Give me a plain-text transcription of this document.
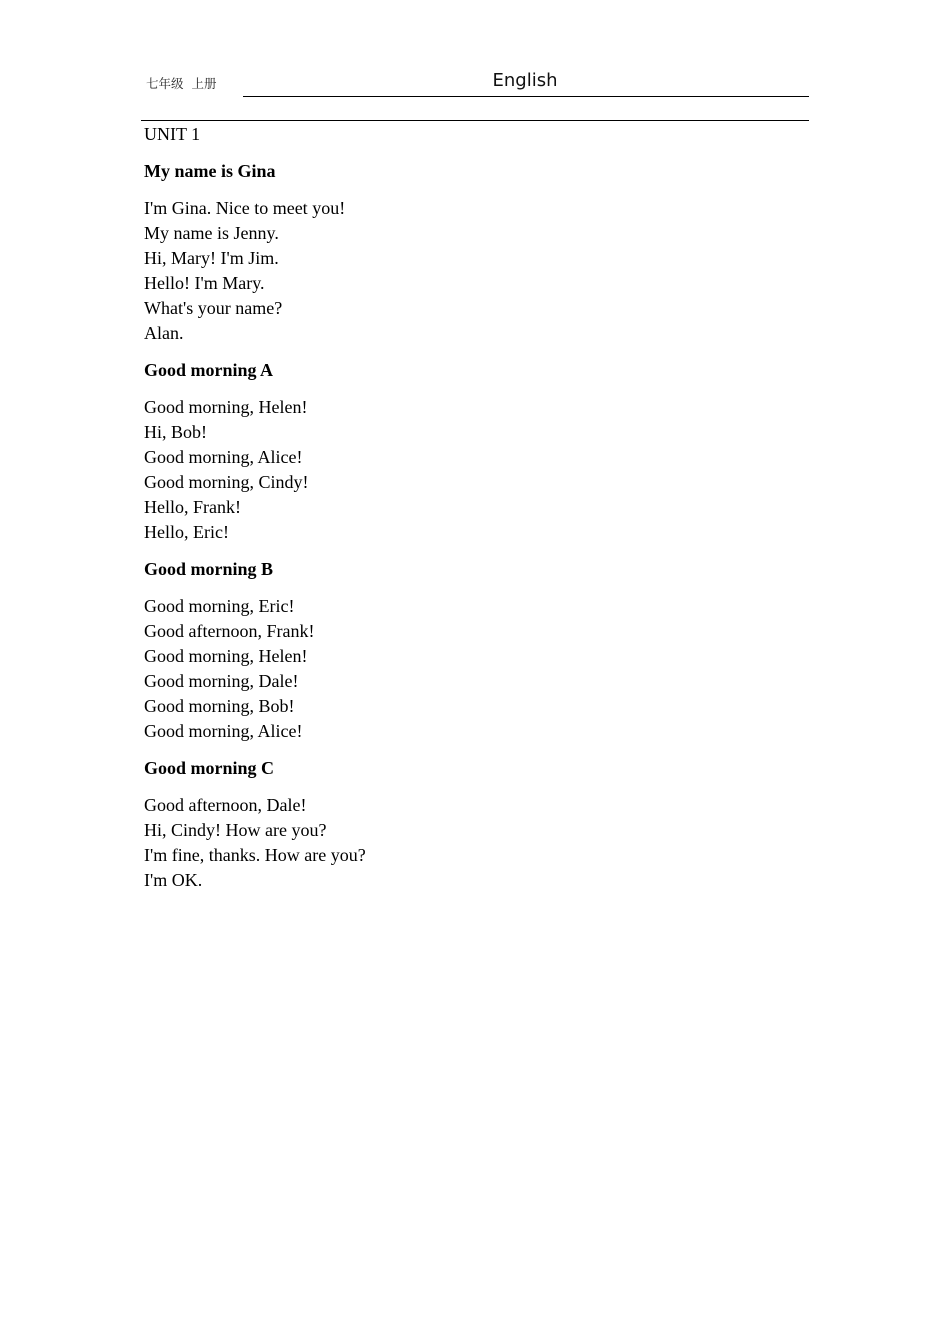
七年级  上册	English
UNIT 1
My name is Gina
I'm Gina. Nice to meet you!
My name is Jenny.
Hi, Mary! I'm Jim.
Hello! I'm Mary.
What's your name?
Alan.
Good morning A
Good morning, Helen!
Hi, Bob!
Good morning, Alice!
Good morning, Cindy!
Hello, Frank!
Hello, Eric!
Good morning B
Good morning, Eric!
Good afternoon, Frank!
Good morning, Helen!
Good morning, Dale!
Good morning, Bob!
Good morning, Alice!
Good morning C
Good afternoon, Dale!
Hi, Cindy! How are you?
I'm fine, thanks. How are you?
I'm OK.
